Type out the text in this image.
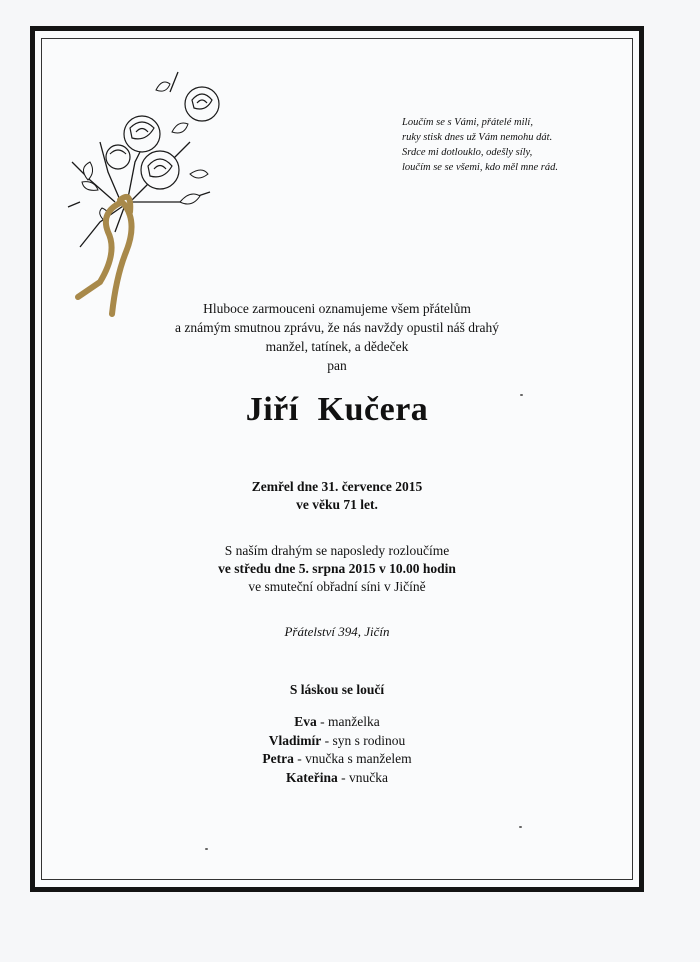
Loučím se s Vámi, přátelé milí,
ruky stisk dnes už Vám nemohu dát.
Srdce mi dotlouklo, odešly síly,
loučím se se všemi, kdo měl mne rád.
Hluboce zarmouceni oznamujeme všem přátelům
a známým smutnou zprávu, že nás navždy opustil náš drahý
manžel, tatínek, a dědeček
pan
Jiří Kučera
Zemřel dne 31. července 2015
ve věku 71 let.
S naším drahým se naposledy rozloučíme
ve středu dne 5. srpna 2015 v 10.00 hodin
ve smuteční obřadní síni v Jičíně
Přátelství 394, Jičín
S láskou se loučí
Eva - manželka
Vladimír - syn s rodinou
Petra - vnučka s manželem
Kateřina - vnučka
